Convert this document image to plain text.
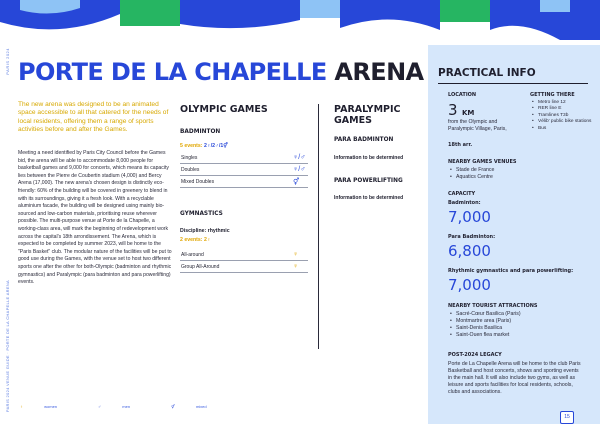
PARIS 2024
PARIS 2024 VENUE GUIDE · PORTE DE LA CHAPELLE ARENA
PORTE DE LA CHAPELLE ARENA
The new arena was designed to be an animated space accessible to all that catered for the needs of local residents, offering them a range of sports activities before and after the Games.
Meeting a need identified by Paris City Council before the Games bid, the arena will be able to accommodate 8,000 people for basketball games and 9,000 for concerts, which means its capacity lies between the Pierre de Coubertin stadium (4,000) and Bercy Arena (17,000). The new arena's chosen design is distinctly eco-friendly: 60% of the building will be covered in greenery to blend in with its surroundings, giving it a fresh look. With a recyclable aluminium facade, the building will be designed using mainly bio-sourced and low-carbon materials, prioritising reuse wherever possible. The multi-purpose venue at Porte de la Chapelle, a working-class area, will mark the beginning of redevelopment work across the capital's 18th arrondissement. The Arena, which is expected to be completed by summer 2023, will be home to the "Paris Basket" club. The modular nature of the facilities will be put to good use during the Games, with the venue set to host two different sports one after the other for both-Olympic (badminton and rhythmic gymnastics) and Paralympic (para badminton and para powerlifting) events.
OLYMPIC GAMES
BADMINTON
5 events: 2♀/2♂/1⚥
Singles	♀/♂
Doubles	♀/♂
Mixed Doubles	⚥
GYMNASTICS
Discipline: rhythmic
2 events: 2♀
All-around	♀
Group All-Around	♀
PARALYMPIC GAMES
PARA BADMINTON
Information to be determined
PARA POWERLIFTING
Information to be determined
♀	women	♂	men	⚥	mixed
PRACTICAL INFO
LOCATION
3 KM
from the Olympic and Paralympic Village, Paris,
18th arr.
GETTING THERE
• Metro line 12
• RER line E
• Tramlines T3b
• Vélib' public bike stations
• Bus
NEARBY GAMES VENUES
• Stade de France
• Aquatics Centre
CAPACITY
Badminton:
7,000
Para Badminton:
6,800
Rhythmic gymnastics and para powerlifting:
7,000
NEARBY TOURIST ATTRACTIONS
• Sacré-Cœur Basilica (Paris)
• Montmartre area (Paris)
• Saint-Denis Basilica
• Saint-Ouen flea market
POST-2024 LEGACY
Porte de La Chapelle Arena will be home to the club Paris Basketball and host concerts, shows and sporting events in the main hall. It will also include two gyms, as well as leisure and sports facilities for local residents, schools, clubs and associations.
15
